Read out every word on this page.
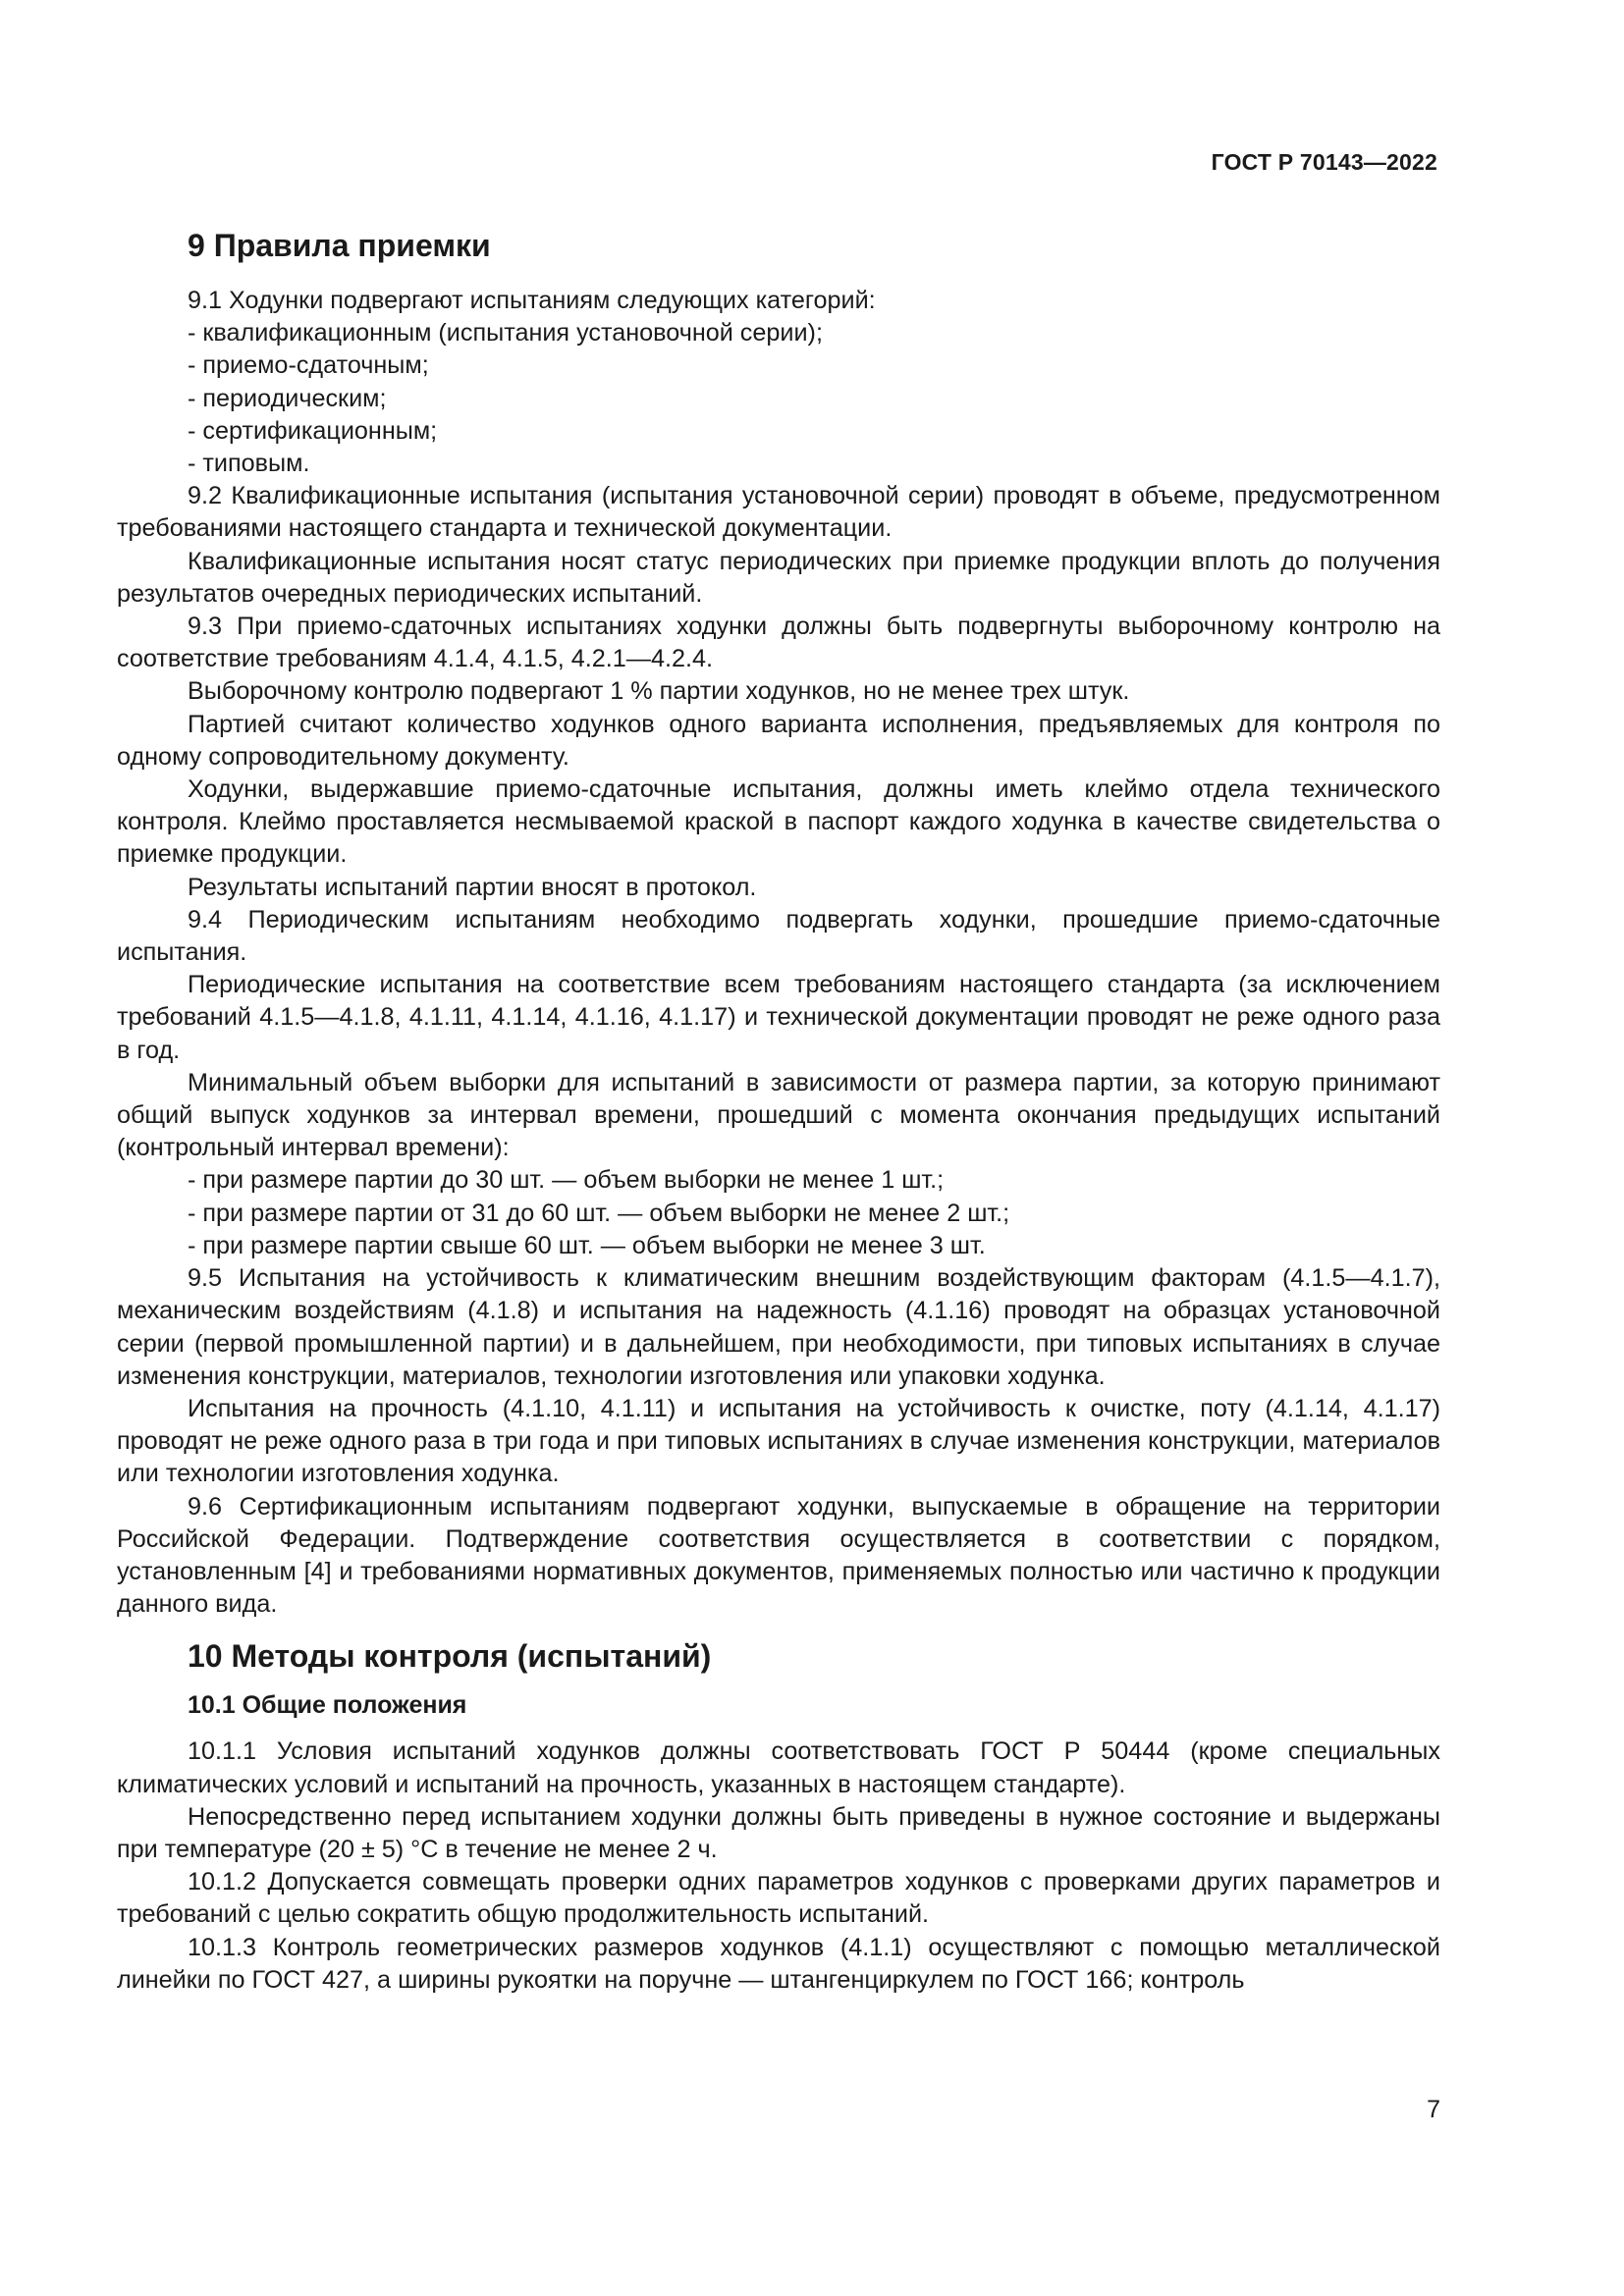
ГОСТ Р 70143—2022
9 Правила приемки

9.1 Ходунки подвергают испытаниям следующих категорий:

- квалификационным (испытания установочной серии);
- приемо-сдаточным;
- периодическим;
- сертификационным;
- типовым.

9.2 Квалификационные испытания (испытания установочной серии) проводят в объеме, предусмотренном требованиями настоящего стандарта и технической документации.

Квалификационные испытания носят статус периодических при приемке продукции вплоть до получения результатов очередных периодических испытаний.

9.3 При приемо-сдаточных испытаниях ходунки должны быть подвергнуты выборочному контролю на соответствие требованиям 4.1.4, 4.1.5, 4.2.1—4.2.4.

Выборочному контролю подвергают 1 % партии ходунков, но не менее трех штук.

Партией считают количество ходунков одного варианта исполнения, предъявляемых для контроля по одному сопроводительному документу.

Ходунки, выдержавшие приемо-сдаточные испытания, должны иметь клеймо отдела технического контроля. Клеймо проставляется несмываемой краской в паспорт каждого ходунка в качестве свидетельства о приемке продукции.

Результаты испытаний партии вносят в протокол.

9.4 Периодическим испытаниям необходимо подвергать ходунки, прошедшие приемо-сдаточные испытания.

Периодические испытания на соответствие всем требованиям настоящего стандарта (за исключением требований 4.1.5—4.1.8, 4.1.11, 4.1.14, 4.1.16, 4.1.17) и технической документации проводят не реже одного раза в год.

Минимальный объем выборки для испытаний в зависимости от размера партии, за которую принимают общий выпуск ходунков за интервал времени, прошедший с момента окончания предыдущих испытаний (контрольный интервал времени):

- при размере партии до 30 шт. — объем выборки не менее 1 шт.;
- при размере партии от 31 до 60 шт. — объем выборки не менее 2 шт.;
- при размере партии свыше 60 шт. — объем выборки не менее 3 шт.

9.5 Испытания на устойчивость к климатическим внешним воздействующим факторам (4.1.5—4.1.7), механическим воздействиям (4.1.8) и испытания на надежность (4.1.16) проводят на образцах установочной серии (первой промышленной партии) и в дальнейшем, при необходимости, при типовых испытаниях в случае изменения конструкции, материалов, технологии изготовления или упаковки ходунка.

Испытания на прочность (4.1.10, 4.1.11) и испытания на устойчивость к очистке, поту (4.1.14, 4.1.17) проводят не реже одного раза в три года и при типовых испытаниях в случае изменения конструкции, материалов или технологии изготовления ходунка.

9.6 Сертификационным испытаниям подвергают ходунки, выпускаемые в обращение на территории Российской Федерации. Подтверждение соответствия осуществляется в соответствии с порядком, установленным [4] и требованиями нормативных документов, применяемых полностью или частично к продукции данного вида.

10 Методы контроля (испытаний)
10.1 Общие положения

10.1.1 Условия испытаний ходунков должны соответствовать ГОСТ Р 50444 (кроме специальных климатических условий и испытаний на прочность, указанных в настоящем стандарте).

Непосредственно перед испытанием ходунки должны быть приведены в нужное состояние и выдержаны при температуре (20 ± 5) °С в течение не менее 2 ч.

10.1.2 Допускается совмещать проверки одних параметров ходунков с проверками других параметров и требований с целью сократить общую продолжительность испытаний.

10.1.3 Контроль геометрических размеров ходунков (4.1.1) осуществляют с помощью металлической линейки по ГОСТ 427, а ширины рукоятки на поручне — штангенциркулем по ГОСТ 166; контроль

7
